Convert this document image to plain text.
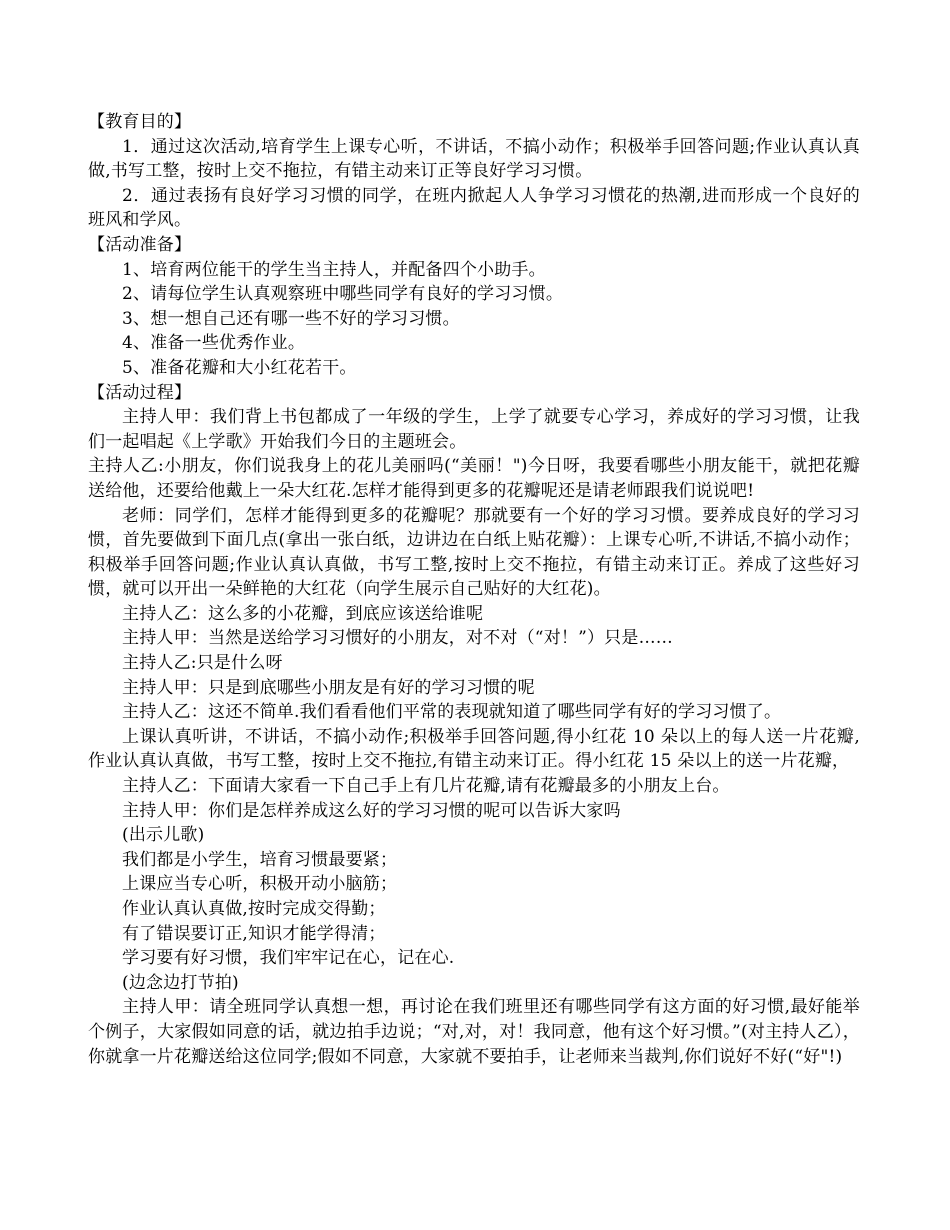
【教育目的】
1．通过这次活动,培育学生上课专心听，不讲话，不搞小动作；积极举手回答问题;作业认真认真做,书写工整，按时上交不拖拉，有错主动来订正等良好学习习惯。
2．通过表扬有良好学习习惯的同学，在班内掀起人人争学习习惯花的热潮,进而形成一个良好的班风和学风。
【活动准备】
1、培育两位能干的学生当主持人，并配备四个小助手。
2、请每位学生认真观察班中哪些同学有良好的学习习惯。
3、想一想自己还有哪一些不好的学习习惯。
4、准备一些优秀作业。
5、准备花瓣和大小红花若干。
【活动过程】
主持人甲：我们背上书包都成了一年级的学生，上学了就要专心学习，养成好的学习习惯，让我们一起唱起《上学歌》开始我们今日的主题班会。
主持人乙:小朋友，你们说我身上的花儿美丽吗(“美丽！")今日呀，我要看哪些小朋友能干，就把花瓣送给他，还要给他戴上一朵大红花.怎样才能得到更多的花瓣呢还是请老师跟我们说说吧!
老师：同学们，怎样才能得到更多的花瓣呢？那就要有一个好的学习习惯。要养成良好的学习习惯，首先要做到下面几点(拿出一张白纸，边讲边在白纸上贴花瓣）：上课专心听,不讲话,不搞小动作；积极举手回答问题;作业认真认真做，书写工整,按时上交不拖拉，有错主动来订正。养成了这些好习惯，就可以开出一朵鲜艳的大红花（向学生展示自己贴好的大红花)。
主持人乙：这么多的小花瓣，到底应该送给谁呢
主持人甲：当然是送给学习习惯好的小朋友，对不对（“对！”）只是……
主持人乙:只是什么呀
主持人甲：只是到底哪些小朋友是有好的学习习惯的呢
主持人乙：这还不简单.我们看看他们平常的表现就知道了哪些同学有好的学习习惯了。
上课认真听讲，不讲话，不搞小动作;积极举手回答问题,得小红花 10 朵以上的每人送一片花瓣,作业认真认真做，书写工整，按时上交不拖拉,有错主动来订正。得小红花 15 朵以上的送一片花瓣，
主持人乙：下面请大家看一下自己手上有几片花瓣,请有花瓣最多的小朋友上台。
主持人甲：你们是怎样养成这么好的学习习惯的呢可以告诉大家吗
(出示儿歌)
我们都是小学生，培育习惯最要紧；
上课应当专心听，积极开动小脑筋；
作业认真认真做,按时完成交得勤；
有了错误要订正,知识才能学得清；
学习要有好习惯，我们牢牢记在心，记在心.
(边念边打节拍)
主持人甲：请全班同学认真想一想，再讨论在我们班里还有哪些同学有这方面的好习惯,最好能举个例子，大家假如同意的话，就边拍手边说；“对,对，对！我同意，他有这个好习惯。”(对主持人乙），你就拿一片花瓣送给这位同学;假如不同意，大家就不要拍手，让老师来当裁判,你们说好不好(“好"!)
